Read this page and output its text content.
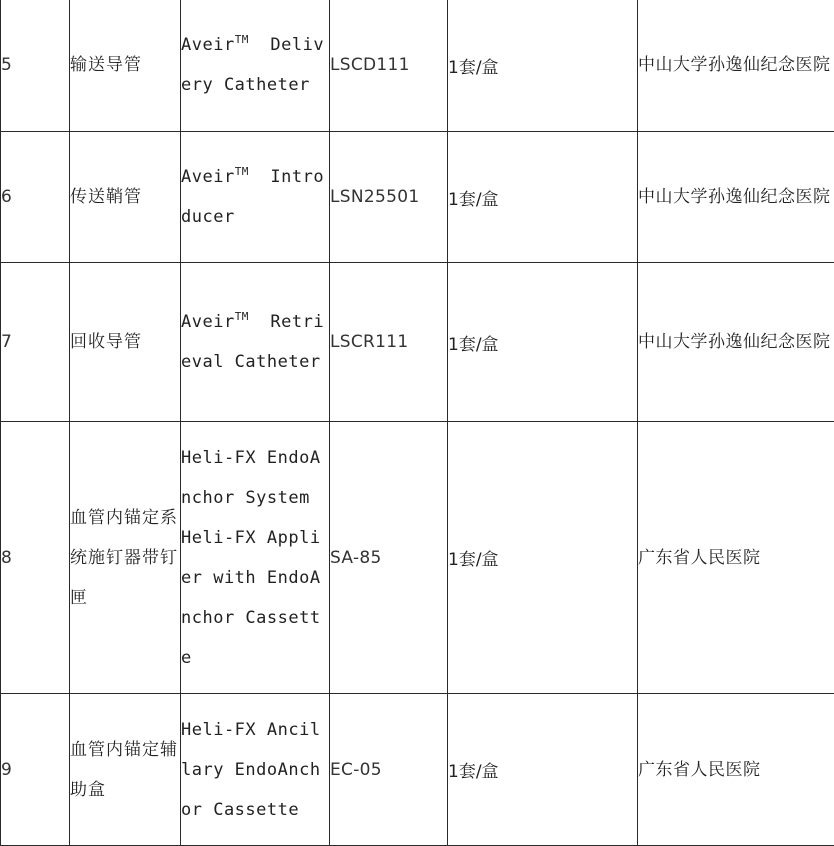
5	输送导管	Aveir™ Delivery Catheter	LSCD111	1套/盒	中山大学孙逸仙纪念医院
6	传送鞘管	Aveir™ Introducer	LSN25501	1套/盒	中山大学孙逸仙纪念医院
7	回收导管	Aveir™ Retrieval Catheter	LSCR111	1套/盒	中山大学孙逸仙纪念医院
8	血管内锚定系统施钉器带钉匣	Heli-FX EndoAnchor System Heli-FX Applier with EndoAnchor Cassette	SA-85	1套/盒	广东省人民医院
9	血管内锚定辅助盒	Heli-FX Ancillary EndoAnchor Cassette	EC-05	1套/盒	广东省人民医院
